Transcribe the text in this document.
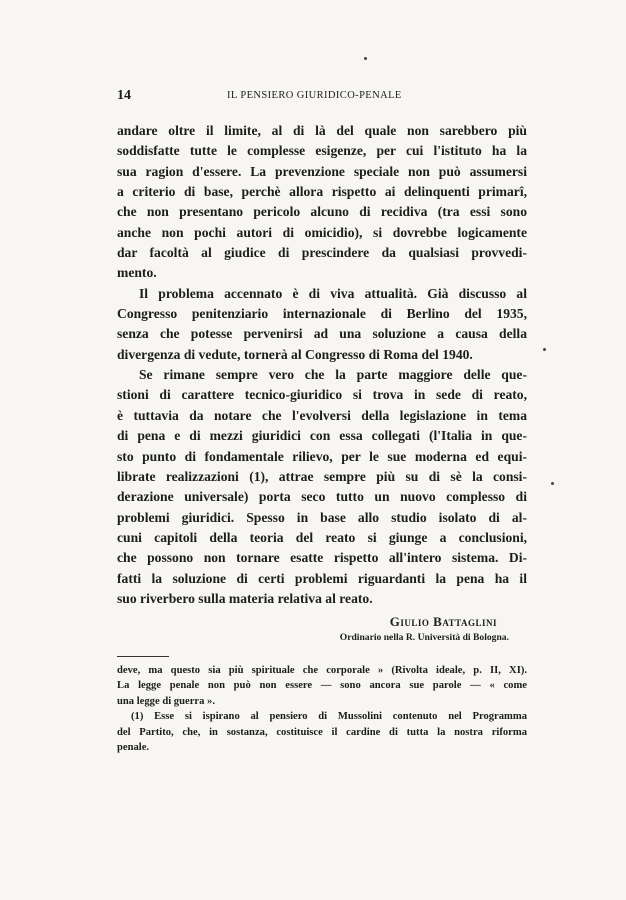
14	IL PENSIERO GIURIDICO-PENALE

andare oltre il limite, al di là del quale non sarebbero più
soddisfatte tutte le complesse esigenze, per cui l'istituto ha la
sua ragion d'essere. La prevenzione speciale non può assumersi
a criterio di base, perchè allora rispetto ai delinquenti primarî,
che non presentano pericolo alcuno di recidiva (tra essi sono
anche non pochi autori di omicidio), si dovrebbe logicamente
dar facoltà al giudice di prescindere da qualsiasi provvedi-
mento.

Il problema accennato è di viva attualità. Già discusso al
Congresso penitenziario internazionale di Berlino del 1935,
senza che potesse pervenirsi ad una soluzione a causa della
divergenza di vedute, tornerà al Congresso di Roma del 1940.

Se rimane sempre vero che la parte maggiore delle que-
stioni di carattere tecnico-giuridico si trova in sede di reato,
è tuttavia da notare che l'evolversi della legislazione in tema
di pena e di mezzi giuridici con essa collegati (l'Italia in que-
sto punto di fondamentale rilievo, per le sue moderna ed equi-
librate realizzazioni (1), attrae sempre più su di sè la consi-
derazione universale) porta seco tutto un nuovo complesso di
problemi giuridici. Spesso in base allo studio isolato di al-
cuni capitoli della teoria del reato si giunge a conclusioni,
che possono non tornare esatte rispetto all'intero sistema. Di-
fatti la soluzione di certi problemi riguardanti la pena ha il
suo riverbero sulla materia relativa al reato.

Giulio Battaglini
Ordinario nella R. Università di Bologna.
deve, ma questo sia più spirituale che corporale » (Rivolta ideale, p. II, XI).
La legge penale non può non essere — sono ancora sue parole — « come
una legge di guerra ».
(1) Esse si ispirano al pensiero di Mussolini contenuto nel Programma
del Partito, che, in sostanza, costituisce il cardine di tutta la nostra riforma
penale.
